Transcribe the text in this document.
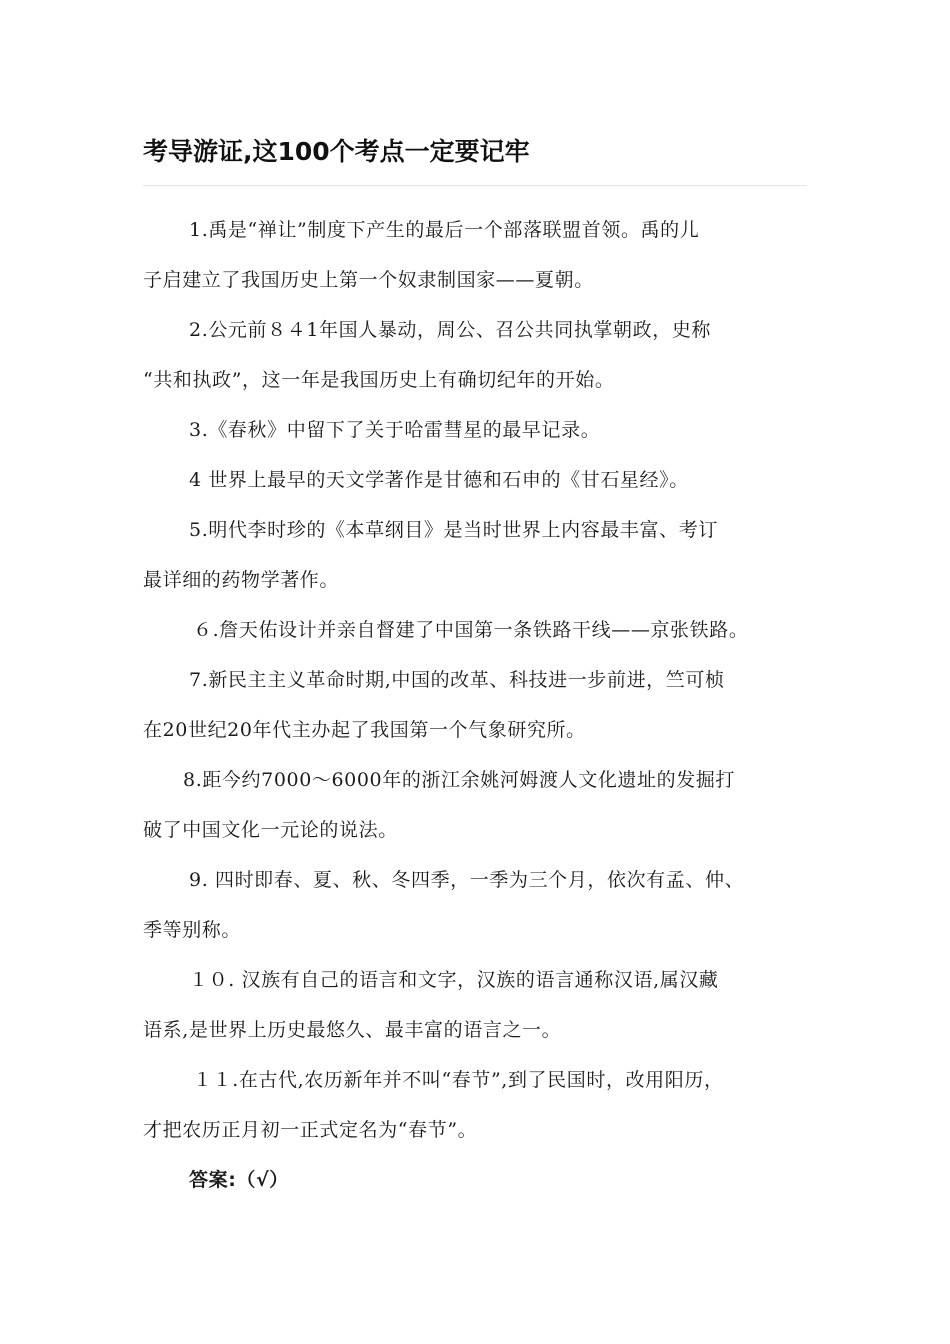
考导游证,这100个考点一定要记牢
1.禹是“禅让”制度下产生的最后一个部落联盟首领。禹的儿
子启建立了我国历史上第一个奴隶制国家——夏朝。
2.公元前８４1年国人暴动，周公、召公共同执掌朝政，史称
“共和执政”，这一年是我国历史上有确切纪年的开始。
3.《春秋》中留下了关于哈雷彗星的最早记录。
4 世界上最早的天文学著作是甘德和石申的《甘石星经》。
5.明代李时珍的《本草纲目》是当时世界上内容最丰富、考订
最详细的药物学著作。
６.詹天佑设计并亲自督建了中国第一条铁路干线——京张铁路。
7.新民主主义革命时期,中国的改革、科技进一步前进，竺可桢
在20世纪20年代主办起了我国第一个气象研究所。
8.距今约7000～6000年的浙江余姚河姆渡人文化遗址的发掘打
破了中国文化一元论的说法。
9. 四时即春、夏、秋、冬四季，一季为三个月，依次有孟、仲、
季等别称。
１０. 汉族有自己的语言和文字，汉族的语言通称汉语,属汉藏
语系,是世界上历史最悠久、最丰富的语言之一。
１１.在古代,农历新年并不叫“春节”,到了民国时，改用阳历，
才把农历正月初一正式定名为“春节”。
答案:（√）
